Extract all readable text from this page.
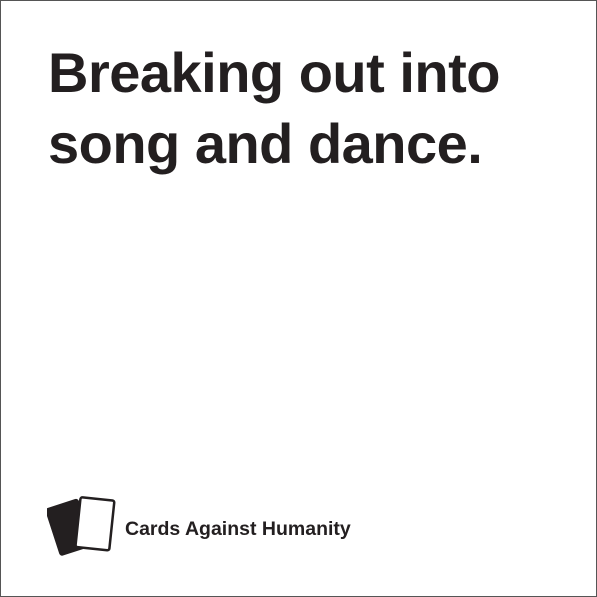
Breaking out into song and dance.

Cards Against Humanity
